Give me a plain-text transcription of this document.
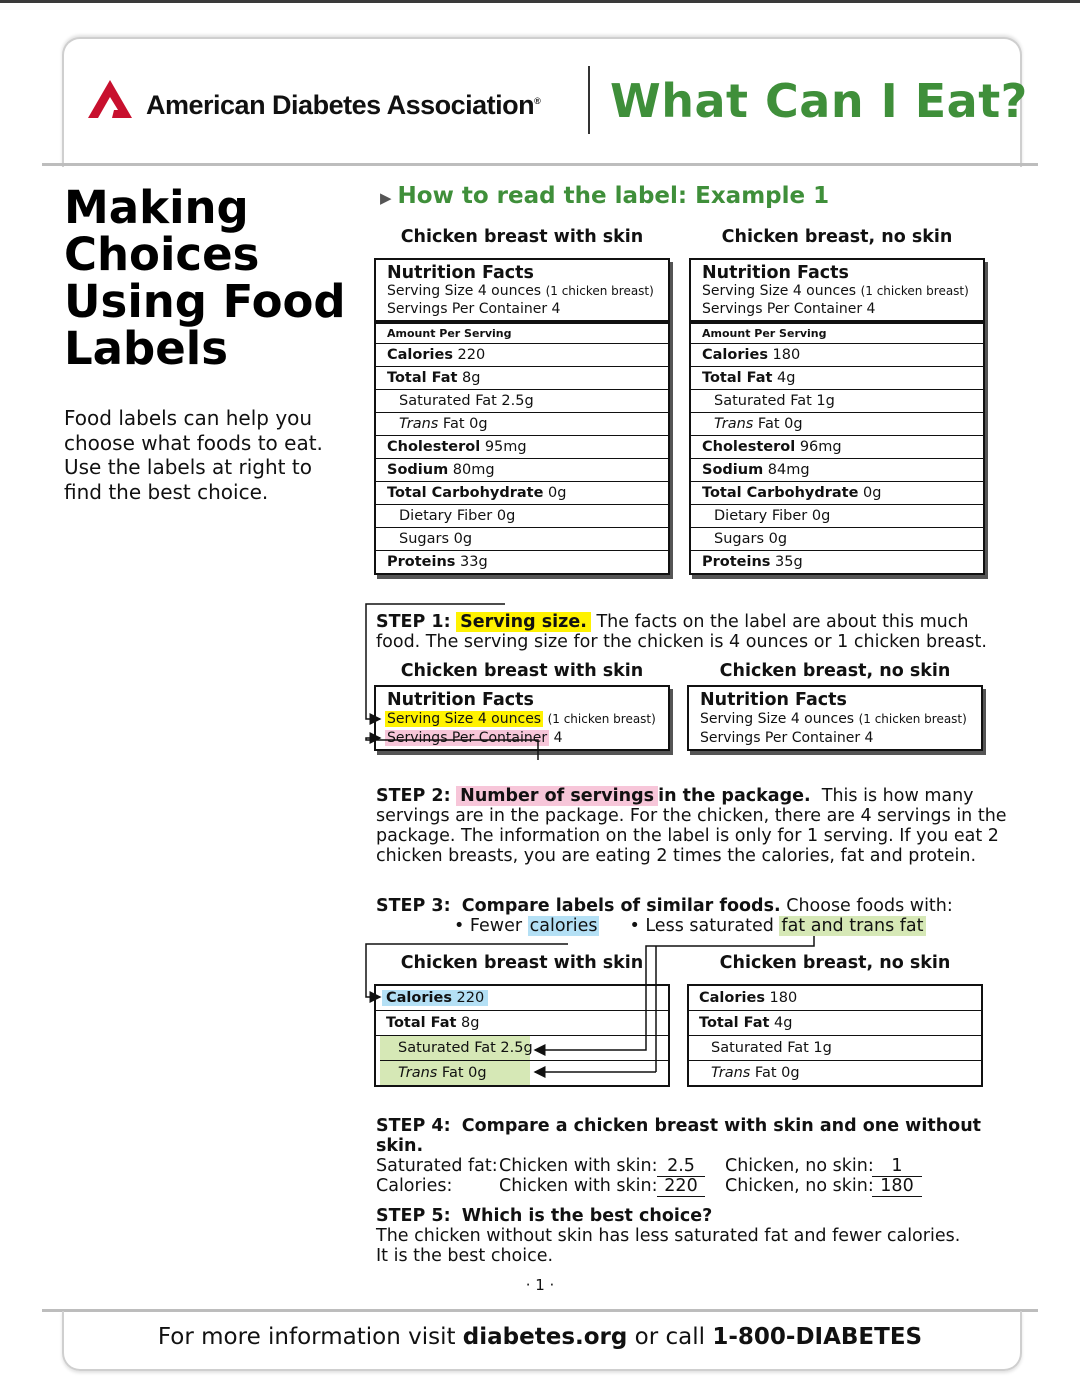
American Diabetes Association® What Can I Eat?
Making
Choices
Using Food
Labels
Food labels can help you choose what foods to eat. Use the labels at right to find the best choice.
▶ How to read the label: Example 1
Chicken breast with skin	Chicken breast, no skin
Nutrition Facts
Serving Size 4 ounces (1 chicken breast)
Servings Per Container 4
Amount Per Serving
Calories 220
Total Fat 8g
Saturated Fat 2.5g
Trans Fat 0g
Cholesterol 95mg
Sodium 80mg
Total Carbohydrate 0g
Dietary Fiber 0g
Sugars 0g
Proteins 33g
Nutrition Facts
Serving Size 4 ounces (1 chicken breast)
Servings Per Container 4
Amount Per Serving
Calories 180
Total Fat 4g
Saturated Fat 1g
Trans Fat 0g
Cholesterol 96mg
Sodium 84mg
Total Carbohydrate 0g
Dietary Fiber 0g
Sugars 0g
Proteins 35g
STEP 1: Serving size. The facts on the label are about this much
food. The serving size for the chicken is 4 ounces or 1 chicken breast.
Chicken breast with skin	Chicken breast, no skin
Nutrition Facts
Serving Size 4 ounces (1 chicken breast)
Servings Per Container 4
Nutrition Facts
Serving Size 4 ounces (1 chicken breast)
Servings Per Container 4
STEP 2: Number of servings in the package. This is how many
servings are in the package. For the chicken, there are 4 servings in the
package. The information on the label is only for 1 serving. If you eat 2
chicken breasts, you are eating 2 times the calories, fat and protein.
STEP 3: Compare labels of similar foods. Choose foods with:
• Fewer calories • Less saturated fat and trans fat
Chicken breast with skin	Chicken breast, no skin
Calories 220
Total Fat 8g
Saturated Fat 2.5g
Trans Fat 0g
Calories 180
Total Fat 4g
Saturated Fat 1g
Trans Fat 0g
STEP 4: Compare a chicken breast with skin and one without skin.
Saturated fat: Chicken with skin: 2.5	Chicken, no skin:	1
Calories:	Chicken with skin: 220	Chicken, no skin: 180
STEP 5: Which is the best choice?
The chicken without skin has less saturated fat and fewer calories.
It is the best choice.
· 1 ·
For more information visit diabetes.org or call 1-800-DIABETES
